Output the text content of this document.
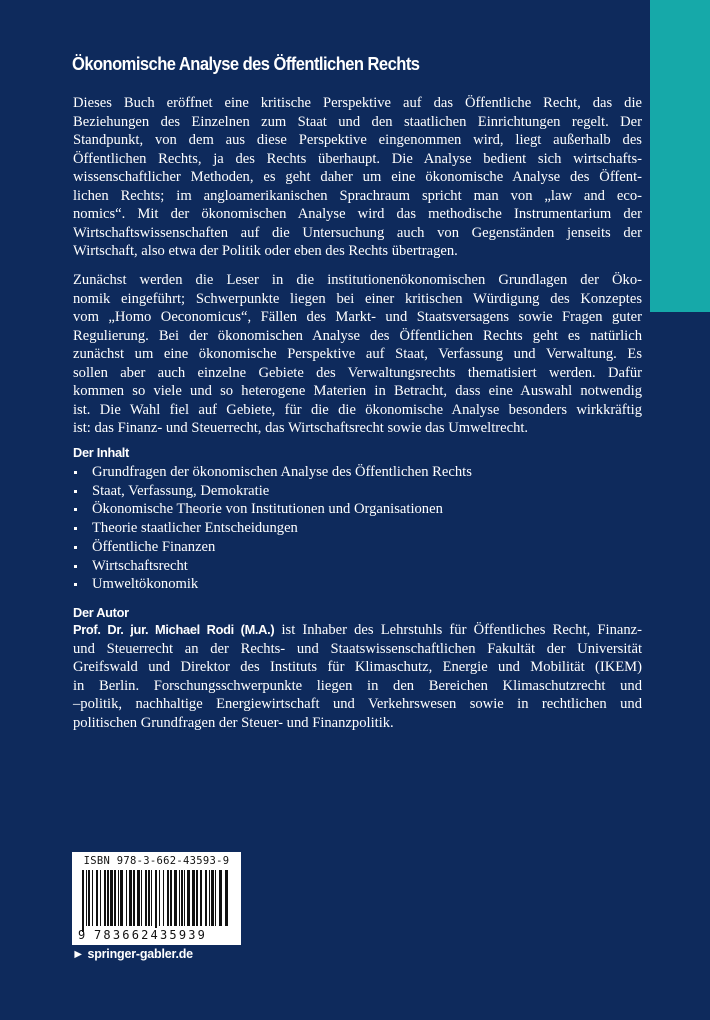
Ökonomische Analyse des Öffentlichen Rechts
Dieses Buch eröffnet eine kritische Perspektive auf das Öffentliche Recht, das die
Beziehungen des Einzelnen zum Staat und den staatlichen Einrichtungen regelt. Der
Standpunkt, von dem aus diese Perspektive eingenommen wird, liegt außerhalb des
Öffentlichen Rechts, ja des Rechts überhaupt. Die Analyse bedient sich wirtschafts-
wissenschaftlicher Methoden, es geht daher um eine ökonomische Analyse des Öffent-
lichen Rechts; im angloamerikanischen Sprachraum spricht man von „law and eco-
nomics“. Mit der ökonomischen Analyse wird das methodische Instrumentarium der
Wirtschaftswissenschaften auf die Untersuchung auch von Gegenständen jenseits der
Wirtschaft, also etwa der Politik oder eben des Rechts übertragen.
Zunächst werden die Leser in die institutionenökonomischen Grundlagen der Öko-
nomik eingeführt; Schwerpunkte liegen bei einer kritischen Würdigung des Konzeptes
vom „Homo Oeconomicus“, Fällen des Markt- und Staatsversagens sowie Fragen guter
Regulierung. Bei der ökonomischen Analyse des Öffentlichen Rechts geht es natürlich
zunächst um eine ökonomische Perspektive auf Staat, Verfassung und Verwaltung. Es
sollen aber auch einzelne Gebiete des Verwaltungsrechts thematisiert werden. Dafür
kommen so viele und so heterogene Materien in Betracht, dass eine Auswahl notwendig
ist. Die Wahl fiel auf Gebiete, für die die ökonomische Analyse besonders wirkkräftig
ist: das Finanz- und Steuerrecht, das Wirtschaftsrecht sowie das Umweltrecht.
Der Inhalt
Grundfragen der ökonomischen Analyse des Öffentlichen Rechts
Staat, Verfassung, Demokratie
Ökonomische Theorie von Institutionen und Organisationen
Theorie staatlicher Entscheidungen
Öffentliche Finanzen
Wirtschaftsrecht
Umweltökonomik
Der Autor
Prof. Dr. jur. Michael Rodi (M.A.) ist Inhaber des Lehrstuhls für Öffentliches Recht, Finanz-
und Steuerrecht an der Rechts- und Staatswissenschaftlichen Fakultät der Universität
Greifswald und Direktor des Instituts für Klimaschutz, Energie und Mobilität (IKEM)
in Berlin. Forschungsschwerpunkte liegen in den Bereichen Klimaschutzrecht und
–politik, nachhaltige Energiewirtschaft und Verkehrswesen sowie in rechtlichen und
politischen Grundfragen der Steuer- und Finanzpolitik.
ISBN 978-3-662-43593-9
9 783662435939
► springer-gabler.de
